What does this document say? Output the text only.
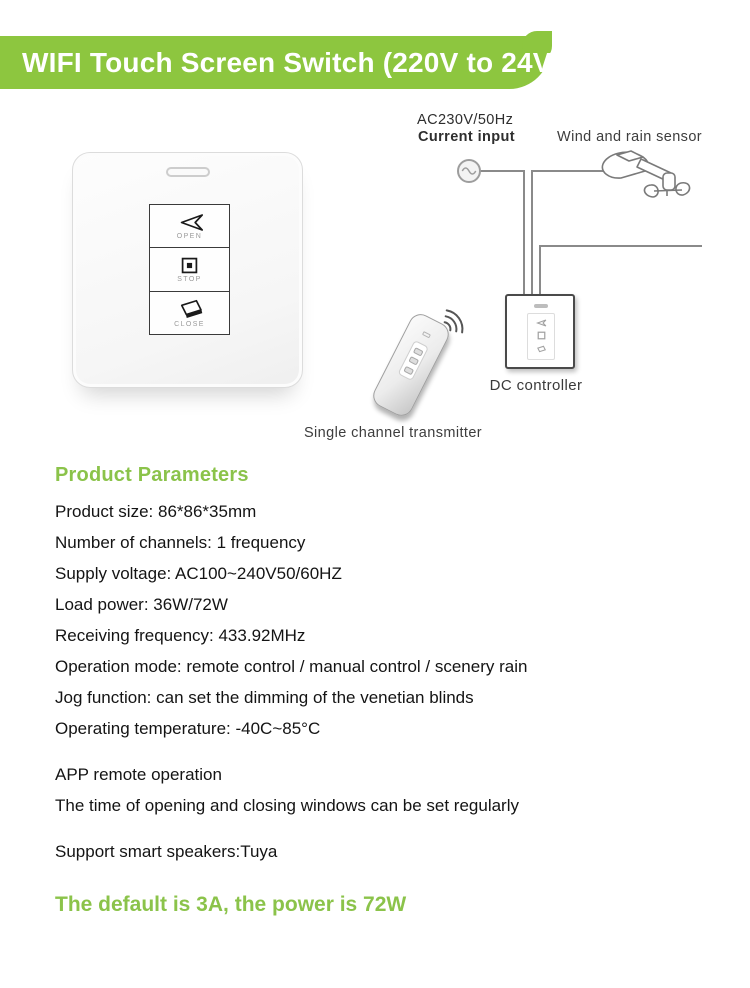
WIFI Touch Screen Switch (220V to 24V)
OPEN
STOP
CLOSE
AC230V/50Hz
Current input	Wind and rain sensor
DC controller
Single channel transmitter
Product Parameters
Product size: 86*86*35mm
Number of channels: 1 frequency
Supply voltage: AC100~240V50/60HZ
Load power: 36W/72W
Receiving frequency: 433.92MHz
Operation mode: remote control / manual control / scenery rain
Jog function: can set the dimming of the venetian blinds
Operating temperature: -40C~85°C
APP remote operation
The time of opening and closing windows can be set regularly
Support smart speakers:Tuya
The default is 3A, the power is 72W
